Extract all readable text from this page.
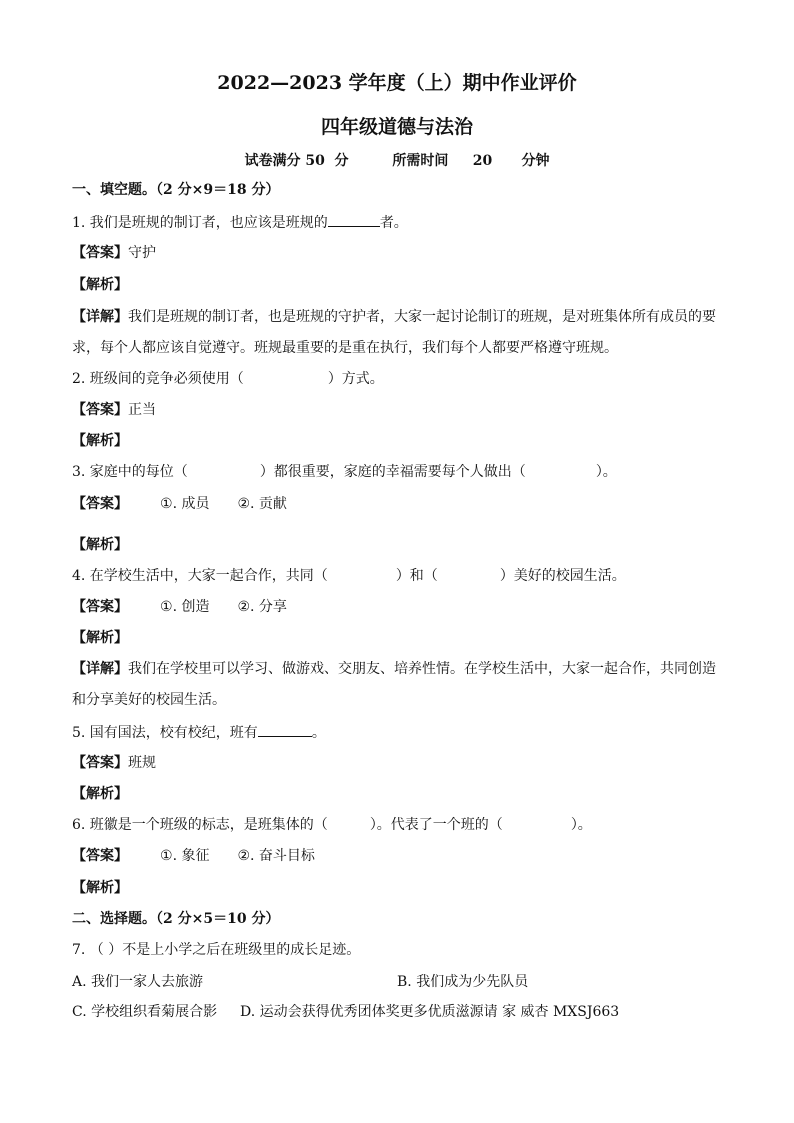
2022—2023 学年度（上）期中作业评价
四年级道德与法治
试卷满分 50  分         所需时间     20      分钟
一、填空题。（2 分×9＝18 分）
1. 我们是班规的制订者，也应该是班规的	者。
【答案】守护
【解析】
【详解】我们是班规的制订者，也是班规的守护者，大家一起讨论制订的班规，是对班集体所有成员的要
求，每个人都应该自觉遵守。班规最重要的是重在执行，我们每个人都要严格遵守班规。
2. 班级间的竞争必须使用（	）方式。
【答案】正当
【解析】
3. 家庭中的每位（	）都很重要，家庭的幸福需要每个人做出（	）。
【答案】 ①. 成员 ②. 贡献
【解析】
4. 在学校生活中，大家一起合作，共同（	）和（	）美好的校园生活。
【答案】 ①. 创造 ②. 分享
【解析】
【详解】我们在学校里可以学习、做游戏、交朋友、培养性情。在学校生活中，大家一起合作，共同创造
和分享美好的校园生活。
5. 国有国法，校有校纪，班有	。
【答案】班规
【解析】
6. 班徽是一个班级的标志，是班集体的（	）。代表了一个班的（	）。
【答案】 ①. 象征 ②. 奋斗目标
【解析】
二、选择题。（2 分×5＝10 分）
7. （ ）不是上小学之后在班级里的成长足迹。
A. 我们一家人去旅游	B. 我们成为少先队员
C. 学校组织看菊展合影 D. 运动会获得优秀团体奖更多优质滋源请 家 威杏 MXSJ663
